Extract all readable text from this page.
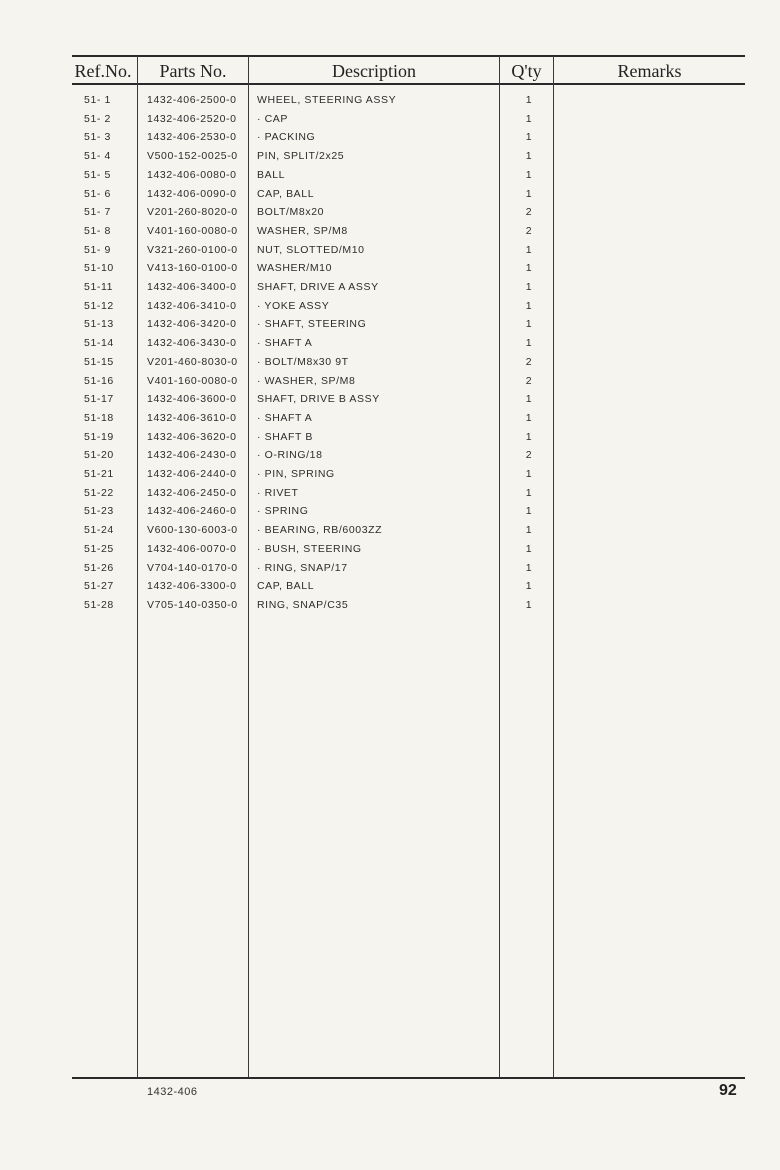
Ref.No.	Parts No.	Description	Q'ty	Remarks
51- 1	1432-406-2500-0 WHEEL, STEERING ASSY	1
51- 2	1432-406-2520-0 · CAP	1
51- 3	1432-406-2530-0 · PACKING	1
51- 4	V500-152-0025-0 PIN, SPLIT/2x25	1
51- 5	1432-406-0080-0 BALL	1
51- 6	1432-406-0090-0 CAP, BALL	1
51- 7	V201-260-8020-0 BOLT/M8x20	2
51- 8	V401-160-0080-0 WASHER, SP/M8	2
51- 9	V321-260-0100-0 NUT, SLOTTED/M10	1
51-10	V413-160-0100-0 WASHER/M10	1
51-11	1432-406-3400-0 SHAFT, DRIVE A ASSY	1
51-12	1432-406-3410-0 · YOKE ASSY	1
51-13	1432-406-3420-0 · SHAFT, STEERING	1
51-14	1432-406-3430-0 · SHAFT A	1
51-15	V201-460-8030-0 · BOLT/M8x30 9T	2
51-16	V401-160-0080-0 · WASHER, SP/M8	2
51-17	1432-406-3600-0 SHAFT, DRIVE B ASSY	1
51-18	1432-406-3610-0 · SHAFT A	1
51-19	1432-406-3620-0 · SHAFT B	1
51-20	1432-406-2430-0 · O-RING/18	2
51-21	1432-406-2440-0 · PIN, SPRING	1
51-22	1432-406-2450-0 · RIVET	1
51-23	1432-406-2460-0 · SPRING	1
51-24	V600-130-6003-0 · BEARING, RB/6003ZZ	1
51-25	1432-406-0070-0 · BUSH, STEERING	1
51-26	V704-140-0170-0 · RING, SNAP/17	1
51-27	1432-406-3300-0 CAP, BALL	1
51-28	V705-140-0350-0 RING, SNAP/C35	1
1432-406	92
